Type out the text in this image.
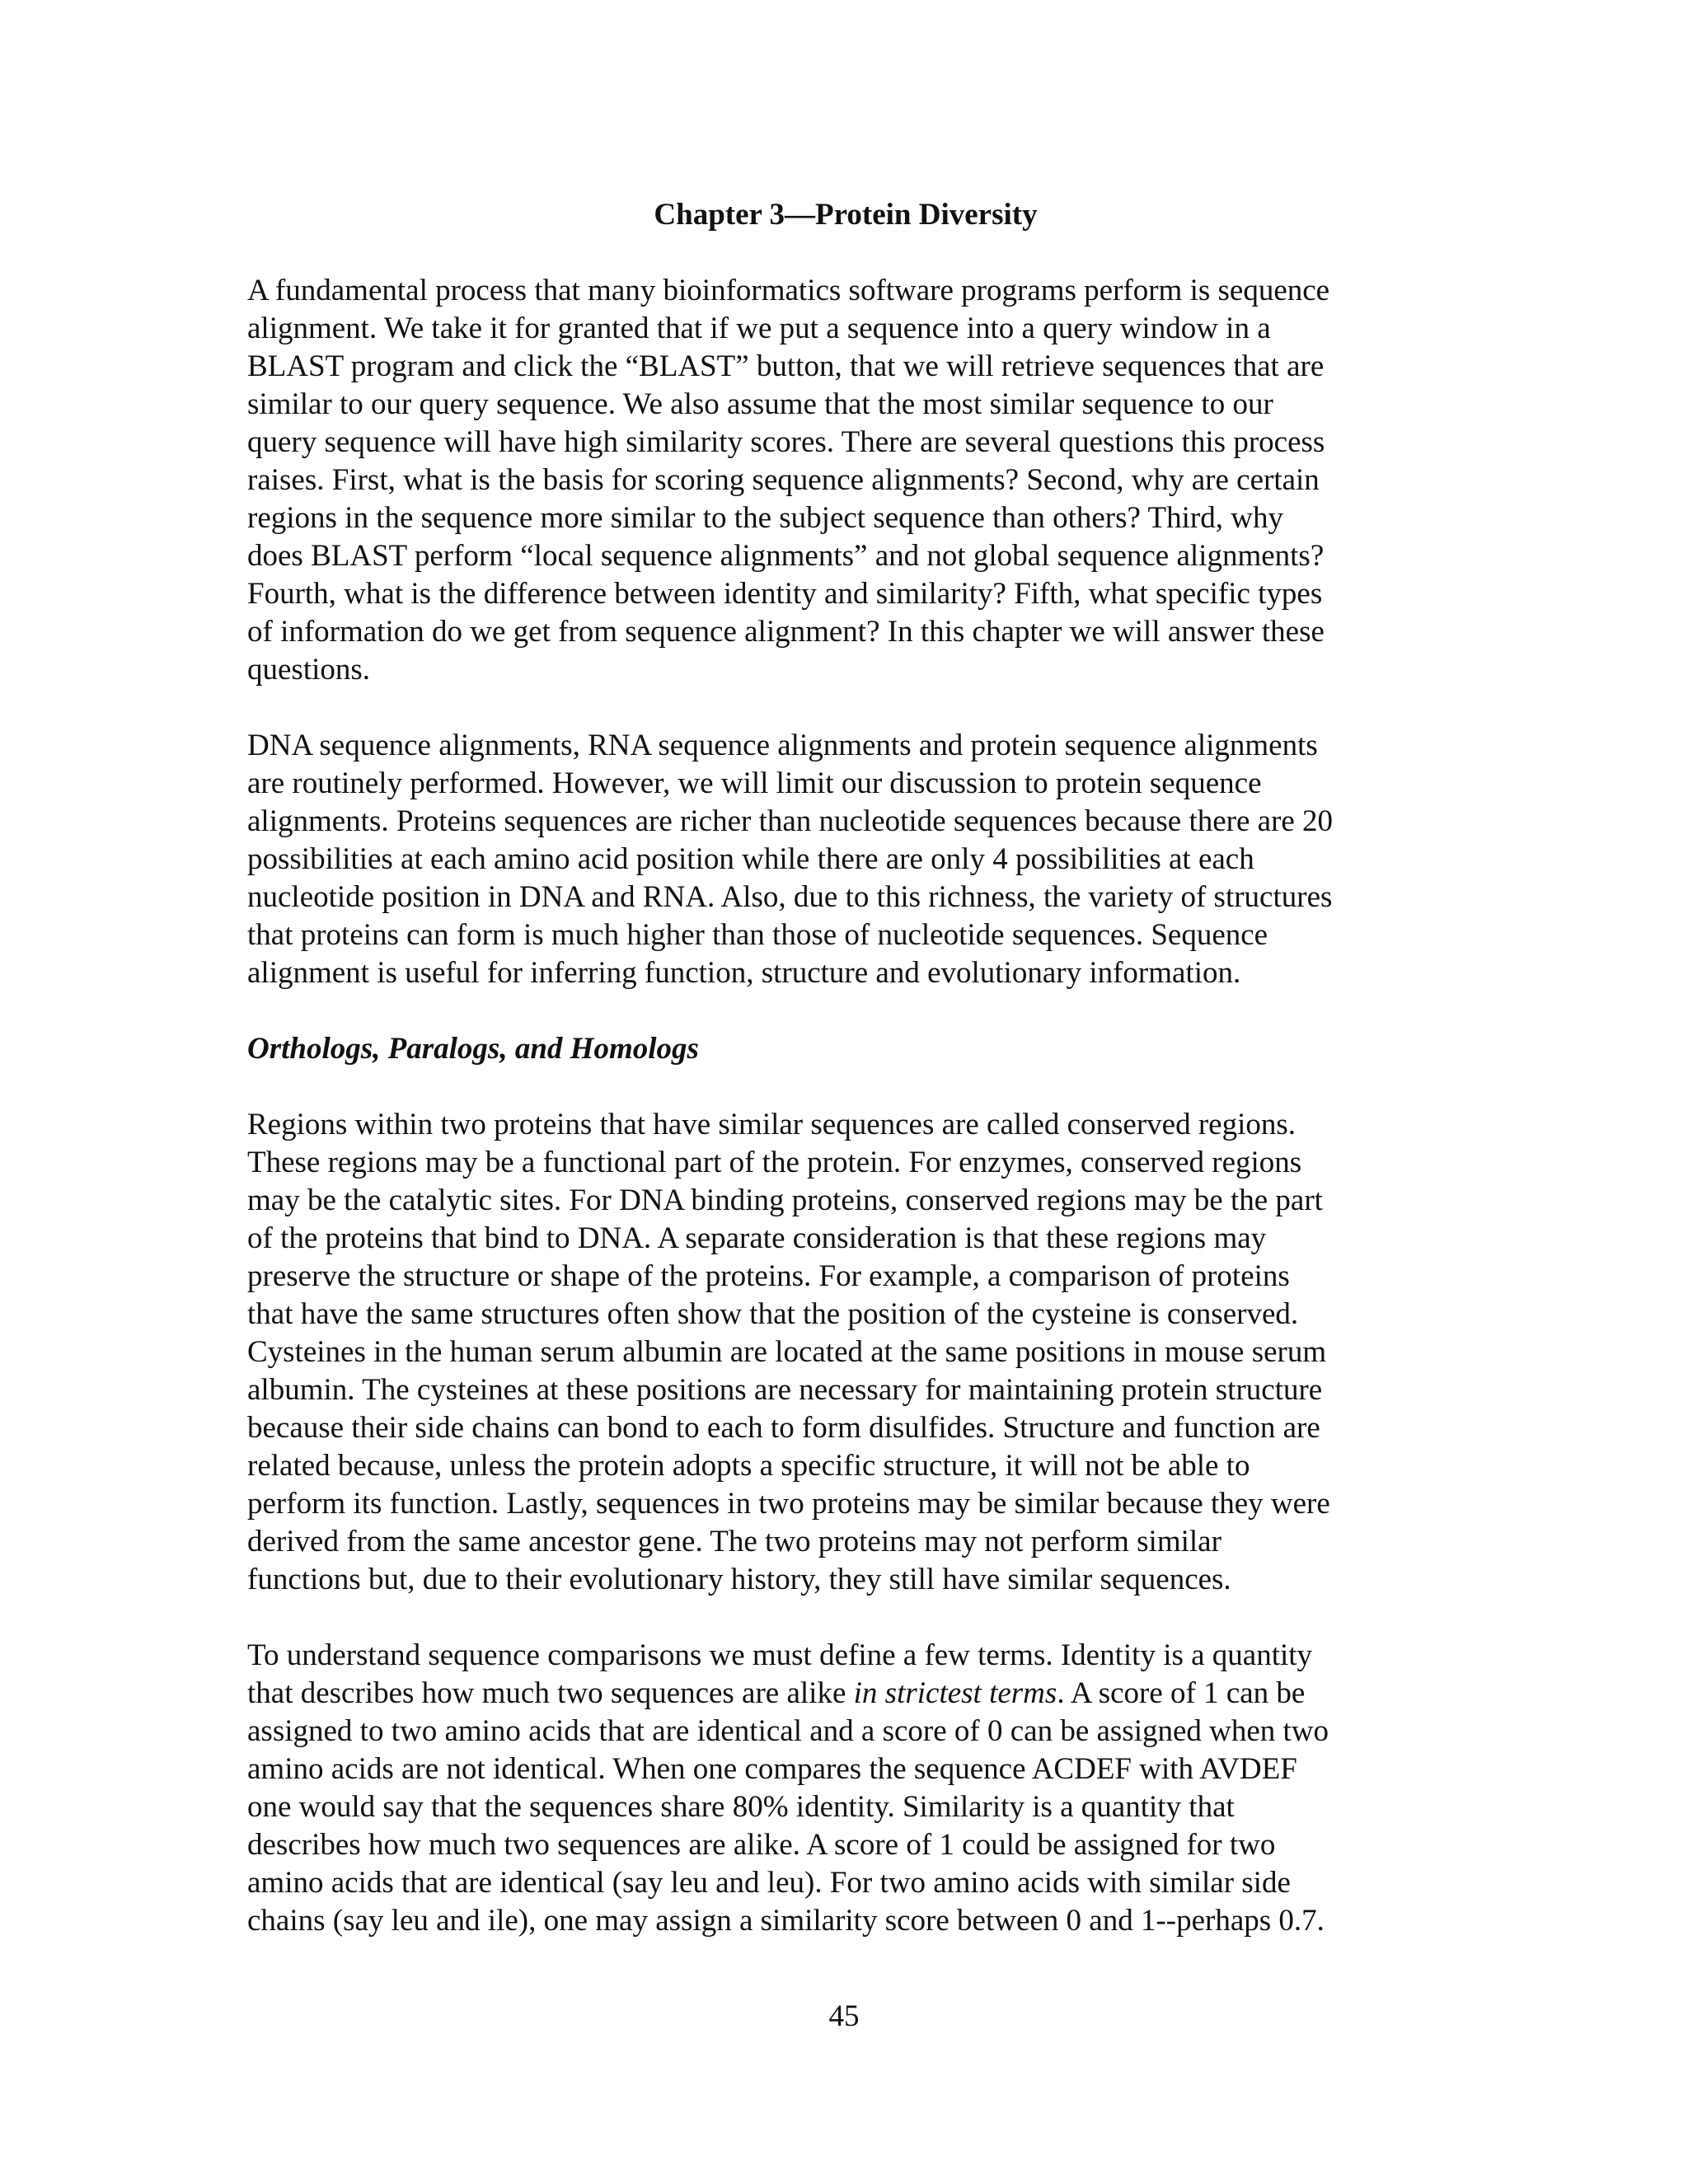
Chapter 3—Protein Diversity

A fundamental process that many bioinformatics software programs perform is sequence
alignment. We take it for granted that if we put a sequence into a query window in a
BLAST program and click the “BLAST” button, that we will retrieve sequences that are
similar to our query sequence. We also assume that the most similar sequence to our
query sequence will have high similarity scores. There are several questions this process
raises. First, what is the basis for scoring sequence alignments? Second, why are certain
regions in the sequence more similar to the subject sequence than others? Third, why
does BLAST perform “local sequence alignments” and not global sequence alignments?
Fourth, what is the difference between identity and similarity? Fifth, what specific types
of information do we get from sequence alignment? In this chapter we will answer these
questions.

DNA sequence alignments, RNA sequence alignments and protein sequence alignments
are routinely performed. However, we will limit our discussion to protein sequence
alignments. Proteins sequences are richer than nucleotide sequences because there are 20
possibilities at each amino acid position while there are only 4 possibilities at each
nucleotide position in DNA and RNA. Also, due to this richness, the variety of structures
that proteins can form is much higher than those of nucleotide sequences. Sequence
alignment is useful for inferring function, structure and evolutionary information.

Orthologs, Paralogs, and Homologs

Regions within two proteins that have similar sequences are called conserved regions.
These regions may be a functional part of the protein. For enzymes, conserved regions
may be the catalytic sites. For DNA binding proteins, conserved regions may be the part
of the proteins that bind to DNA. A separate consideration is that these regions may
preserve the structure or shape of the proteins. For example, a comparison of proteins
that have the same structures often show that the position of the cysteine is conserved.
Cysteines in the human serum albumin are located at the same positions in mouse serum
albumin. The cysteines at these positions are necessary for maintaining protein structure
because their side chains can bond to each to form disulfides. Structure and function are
related because, unless the protein adopts a specific structure, it will not be able to
perform its function. Lastly, sequences in two proteins may be similar because they were
derived from the same ancestor gene. The two proteins may not perform similar
functions but, due to their evolutionary history, they still have similar sequences.

To understand sequence comparisons we must define a few terms. Identity is a quantity
that describes how much two sequences are alike in strictest terms. A score of 1 can be
assigned to two amino acids that are identical and a score of 0 can be assigned when two
amino acids are not identical. When one compares the sequence ACDEF with AVDEF
one would say that the sequences share 80% identity. Similarity is a quantity that
describes how much two sequences are alike. A score of 1 could be assigned for two
amino acids that are identical (say leu and leu). For two amino acids with similar side
chains (say leu and ile), one may assign a similarity score between 0 and 1--perhaps 0.7.

45
